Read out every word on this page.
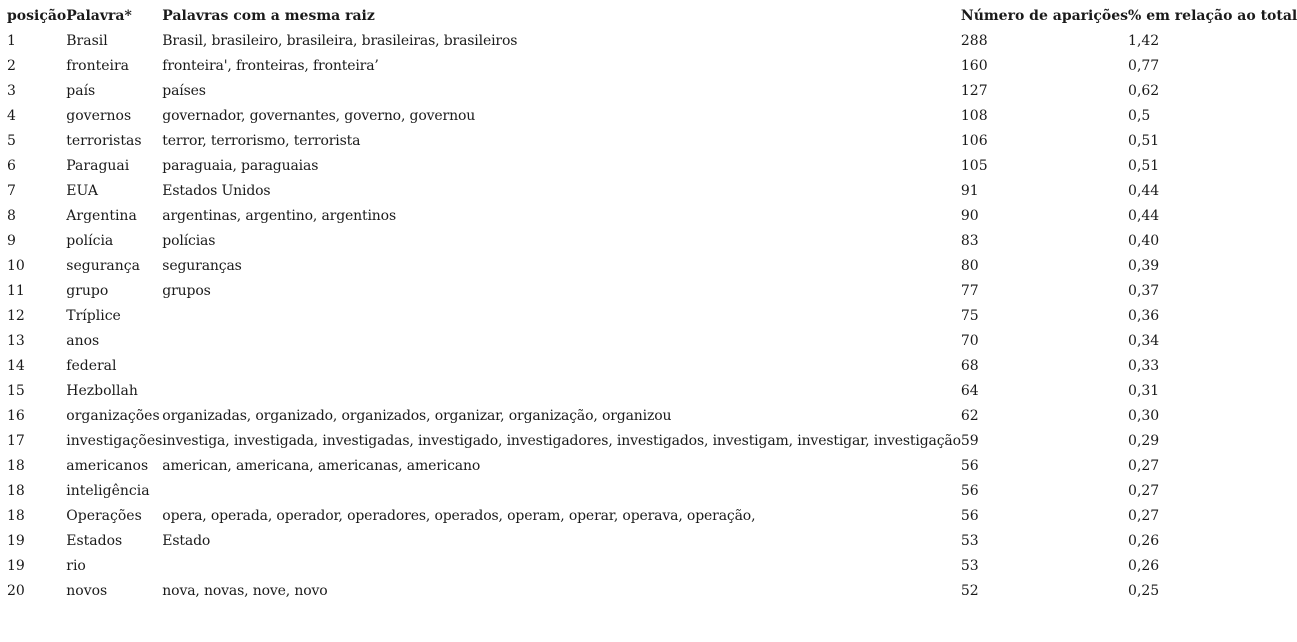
posição	Palavra*	Palavras com a mesma raiz	Número de aparições	% em relação ao total
1	Brasil	Brasil, brasileiro, brasileira, brasileiras, brasileiros	288	1,42
2	fronteira	fronteira', fronteiras, fronteira’	160	0,77
3	país	países	127	0,62
4	governos	governador, governantes, governo, governou	108	0,5
5	terroristas	terror, terrorismo, terrorista	106	0,51
6	Paraguai	paraguaia, paraguaias	105	0,51
7	EUA	Estados Unidos	91	0,44
8	Argentina	argentinas, argentino, argentinos	90	0,44
9	polícia	polícias	83	0,40
10	segurança	seguranças	80	0,39
11	grupo	grupos	77	0,37
12	Tríplice		75	0,36
13	anos		70	0,34
14	federal		68	0,33
15	Hezbollah		64	0,31
16	organizações	organizadas, organizado, organizados, organizar, organização, organizou	62	0,30
17	investigações	investiga, investigada, investigadas, investigado, investigadores, investigados, investigam, investigar, investigação	59	0,29
18	americanos	american, americana, americanas, americano	56	0,27
18	inteligência		56	0,27
18	Operações	opera, operada, operador, operadores, operados, operam, operar, operava, operação,	56	0,27
19	Estados	Estado	53	0,26
19	rio		53	0,26
20	novos	nova, novas, nove, novo	52	0,25
